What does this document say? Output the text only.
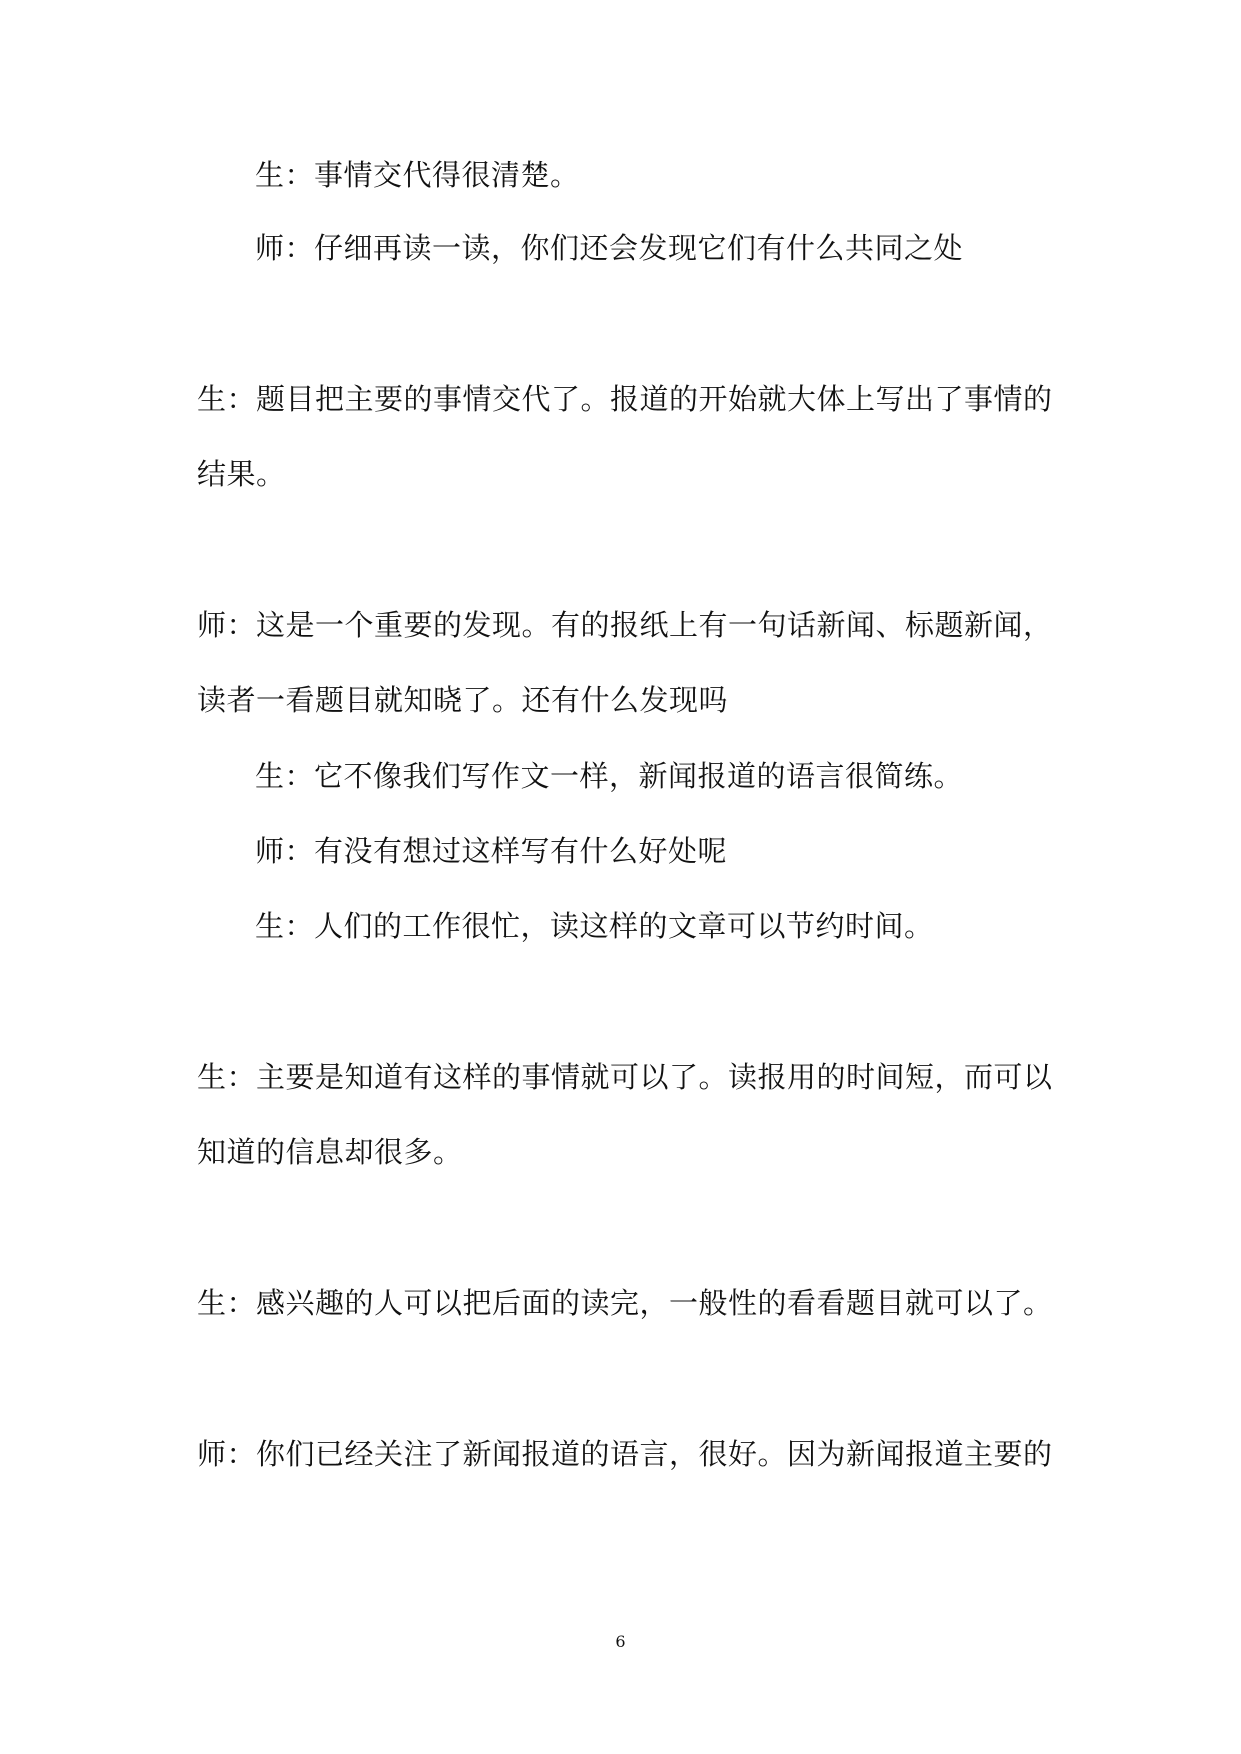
生：事情交代得很清楚。
师：仔细再读一读，你们还会发现它们有什么共同之处
生：题目把主要的事情交代了。报道的开始就大体上写出了事情的
结果。
师：这是一个重要的发现。有的报纸上有一句话新闻、标题新闻，
读者一看题目就知晓了。还有什么发现吗
生：它不像我们写作文一样，新闻报道的语言很简练。
师：有没有想过这样写有什么好处呢
生：人们的工作很忙，读这样的文章可以节约时间。
生：主要是知道有这样的事情就可以了。读报用的时间短，而可以
知道的信息却很多。
生：感兴趣的人可以把后面的读完，一般性的看看题目就可以了。
师：你们已经关注了新闻报道的语言，很好。因为新闻报道主要的
6
